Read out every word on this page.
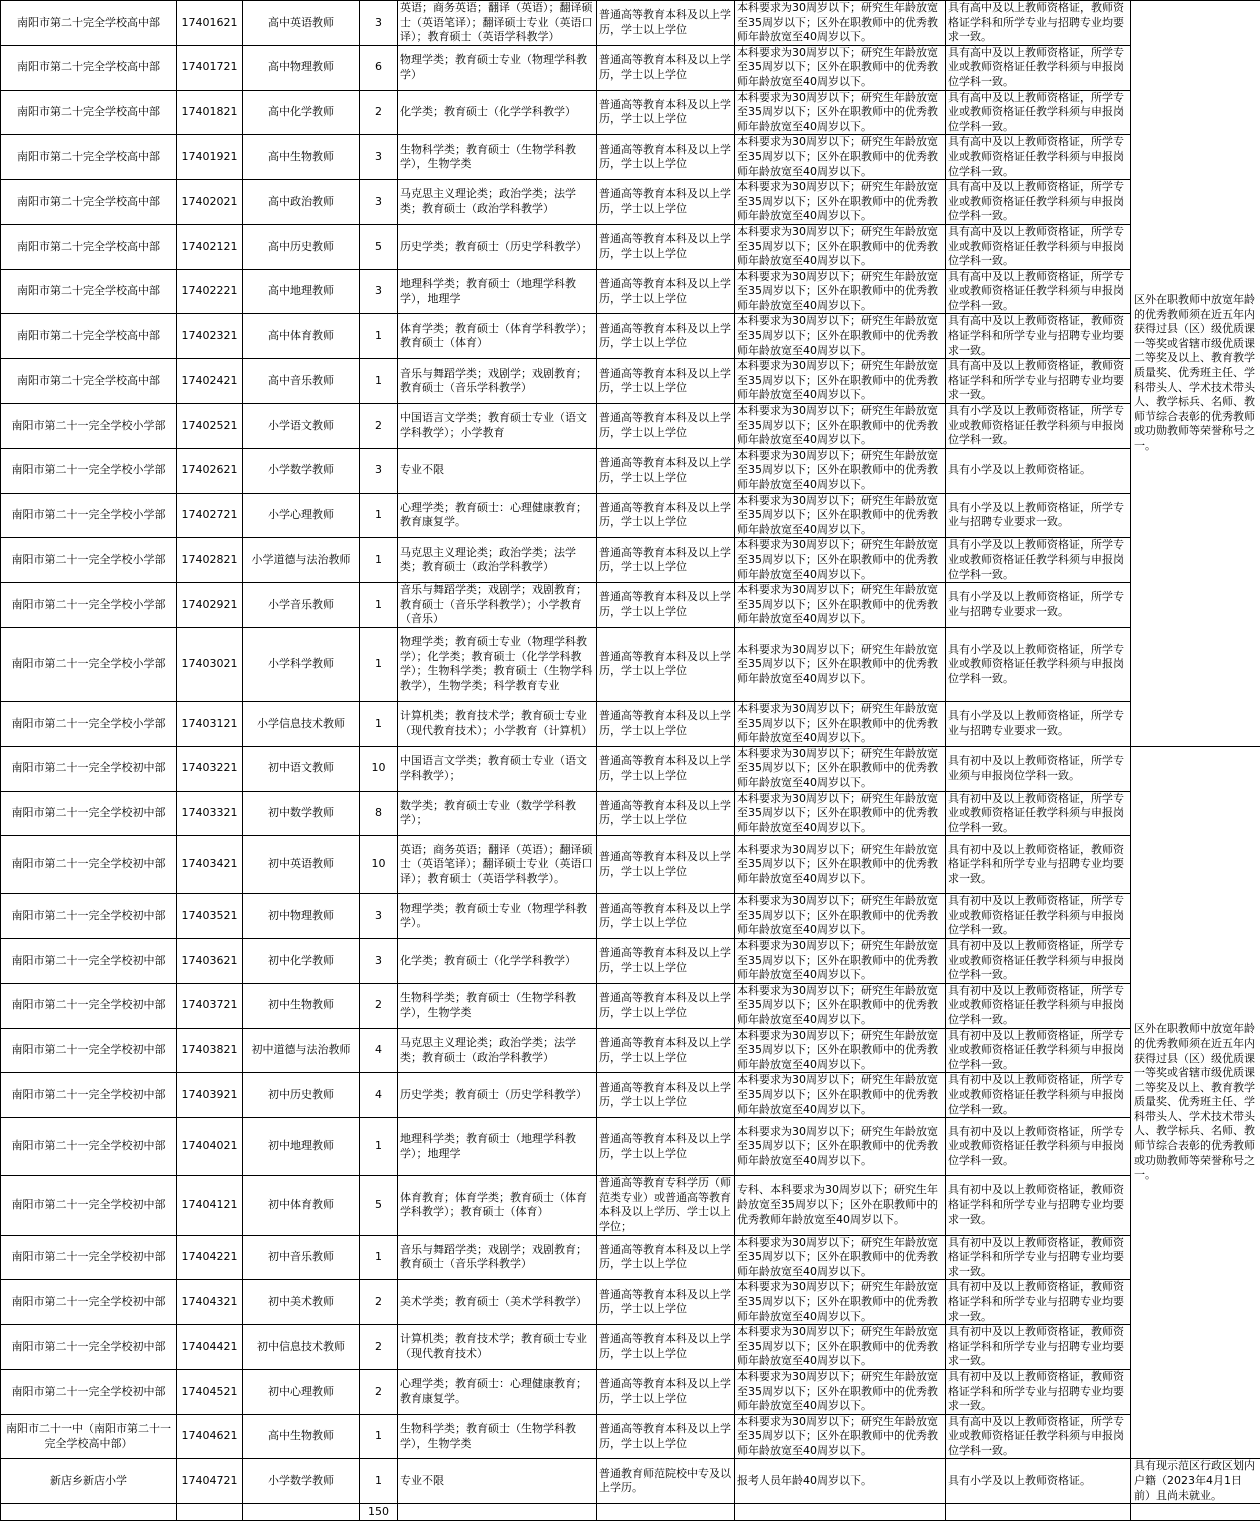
南阳市第二十完全学校高中部	17401621	高中英语教师	3	英语；商务英语；翻译（英语）；翻译硕士（英语笔译）；翻译硕士专业（英语口译）；教育硕士（英语学科教学）	普通高等教育本科及以上学历，学士以上学位	本科要求为30周岁以下；研究生年龄放宽至35周岁以下；区外在职教师中的优秀教师年龄放宽至40周岁以下。	具有高中及以上教师资格证，教师资格证学科和所学专业与招聘专业均要求一致。	区外在职教师中放宽年龄的优秀教师须在近五年内获得过县（区）级优质课一等奖或省辖市级优质课二等奖及以上、教育教学质量奖、优秀班主任、学科带头人、学术技术带头人、教学标兵、名师、教师节综合表彰的优秀教师或功勋教师等荣誉称号之一。
南阳市第二十完全学校高中部	17401721	高中物理教师	6	物理学类；教育硕士专业（物理学科教学）	普通高等教育本科及以上学历，学士以上学位	本科要求为30周岁以下；研究生年龄放宽至35周岁以下；区外在职教师中的优秀教师年龄放宽至40周岁以下。	具有高中及以上教师资格证，所学专业或教师资格证任教学科须与申报岗位学科一致。	
南阳市第二十完全学校高中部	17401821	高中化学教师	2	化学类；教育硕士（化学学科教学）	普通高等教育本科及以上学历，学士以上学位	本科要求为30周岁以下；研究生年龄放宽至35周岁以下；区外在职教师中的优秀教师年龄放宽至40周岁以下。	具有高中及以上教师资格证，所学专业或教师资格证任教学科须与申报岗位学科一致。	
南阳市第二十完全学校高中部	17401921	高中生物教师	3	生物科学类；教育硕士（生物学科教学），生物学类	普通高等教育本科及以上学历，学士以上学位	本科要求为30周岁以下；研究生年龄放宽至35周岁以下；区外在职教师中的优秀教师年龄放宽至40周岁以下。	具有高中及以上教师资格证，所学专业或教师资格证任教学科须与申报岗位学科一致。	
南阳市第二十完全学校高中部	17402021	高中政治教师	3	马克思主义理论类；政治学类；法学类；教育硕士（政治学科教学）	普通高等教育本科及以上学历，学士以上学位	本科要求为30周岁以下；研究生年龄放宽至35周岁以下；区外在职教师中的优秀教师年龄放宽至40周岁以下。	具有高中及以上教师资格证，所学专业或教师资格证任教学科须与申报岗位学科一致。	
南阳市第二十完全学校高中部	17402121	高中历史教师	5	历史学类；教育硕士（历史学科教学）	普通高等教育本科及以上学历，学士以上学位	本科要求为30周岁以下；研究生年龄放宽至35周岁以下；区外在职教师中的优秀教师年龄放宽至40周岁以下。	具有高中及以上教师资格证，所学专业或教师资格证任教学科须与申报岗位学科一致。	
南阳市第二十完全学校高中部	17402221	高中地理教师	3	地理科学类；教育硕士（地理学科教学），地理学	普通高等教育本科及以上学历，学士以上学位	本科要求为30周岁以下；研究生年龄放宽至35周岁以下；区外在职教师中的优秀教师年龄放宽至40周岁以下。	具有高中及以上教师资格证，所学专业或教师资格证任教学科须与申报岗位学科一致。	
南阳市第二十完全学校高中部	17402321	高中体育教师	1	体育学类；教育硕士（体育学科教学）；教育硕士（体育）	普通高等教育本科及以上学历，学士以上学位	本科要求为30周岁以下；研究生年龄放宽至35周岁以下；区外在职教师中的优秀教师年龄放宽至40周岁以下。	具有高中及以上教师资格证，教师资格证学科和所学专业与招聘专业均要求一致。	
南阳市第二十完全学校高中部	17402421	高中音乐教师	1	音乐与舞蹈学类；戏剧学；戏剧教育；教育硕士（音乐学科教学）	普通高等教育本科及以上学历，学士以上学位	本科要求为30周岁以下；研究生年龄放宽至35周岁以下；区外在职教师中的优秀教师年龄放宽至40周岁以下。	具有高中及以上教师资格证，教师资格证学科和所学专业与招聘专业均要求一致。	
南阳市第二十一完全学校小学部	17402521	小学语文教师	2	中国语言文学类；教育硕士专业（语文学科教学）；小学教育	普通高等教育本科及以上学历，学士以上学位	本科要求为30周岁以下；研究生年龄放宽至35周岁以下；区外在职教师中的优秀教师年龄放宽至40周岁以下。	具有小学及以上教师资格证，所学专业或教师资格证任教学科须与申报岗位学科一致。	
南阳市第二十一完全学校小学部	17402621	小学数学教师	3	专业不限	普通高等教育本科及以上学历，学士以上学位	本科要求为30周岁以下；研究生年龄放宽至35周岁以下；区外在职教师中的优秀教师年龄放宽至40周岁以下。	具有小学及以上教师资格证。	
南阳市第二十一完全学校小学部	17402721	小学心理教师	1	心理学类；教育硕士：心理健康教育；教育康复学。	普通高等教育本科及以上学历，学士以上学位	本科要求为30周岁以下；研究生年龄放宽至35周岁以下；区外在职教师中的优秀教师年龄放宽至40周岁以下。	具有小学及以上教师资格证，所学专业与招聘专业要求一致。	
南阳市第二十一完全学校小学部	17402821	小学道德与法治教师	1	马克思主义理论类；政治学类；法学类；教育硕士（政治学科教学）	普通高等教育本科及以上学历，学士以上学位	本科要求为30周岁以下；研究生年龄放宽至35周岁以下；区外在职教师中的优秀教师年龄放宽至40周岁以下。	具有小学及以上教师资格证，所学专业或教师资格证任教学科须与申报岗位学科一致。	
南阳市第二十一完全学校小学部	17402921	小学音乐教师	1	音乐与舞蹈学类；戏剧学；戏剧教育；教育硕士（音乐学科教学）；小学教育（音乐）	普通高等教育本科及以上学历，学士以上学位	本科要求为30周岁以下；研究生年龄放宽至35周岁以下；区外在职教师中的优秀教师年龄放宽至40周岁以下。	具有小学及以上教师资格证，所学专业与招聘专业要求一致。	
南阳市第二十一完全学校小学部	17403021	小学科学教师	1	物理学类；教育硕士专业（物理学科教学）；化学类；教育硕士（化学学科教学）；生物科学类；教育硕士（生物学科教学），生物学类；科学教育专业	普通高等教育本科及以上学历，学士以上学位	本科要求为30周岁以下；研究生年龄放宽至35周岁以下；区外在职教师中的优秀教师年龄放宽至40周岁以下。	具有小学及以上教师资格证，所学专业或教师资格证任教学科须与申报岗位学科一致。	
南阳市第二十一完全学校小学部	17403121	小学信息技术教师	1	计算机类；教育技术学；教育硕士专业（现代教育技术）；小学教育（计算机）	普通高等教育本科及以上学历，学士以上学位	本科要求为30周岁以下；研究生年龄放宽至35周岁以下；区外在职教师中的优秀教师年龄放宽至40周岁以下。	具有小学及以上教师资格证，所学专业与招聘专业要求一致。	
南阳市第二十一完全学校初中部	17403221	初中语文教师	10	中国语言文学类；教育硕士专业（语文学科教学）；	普通高等教育本科及以上学历，学士以上学位	本科要求为30周岁以下；研究生年龄放宽至35周岁以下；区外在职教师中的优秀教师年龄放宽至40周岁以下。	具有初中及以上教师资格证，所学专业须与申报岗位学科一致。	区外在职教师中放宽年龄的优秀教师须在近五年内获得过县（区）级优质课一等奖或省辖市级优质课二等奖及以上、教育教学质量奖、优秀班主任、学科带头人、学术技术带头人、教学标兵、名师、教师节综合表彰的优秀教师或功勋教师等荣誉称号之一。
南阳市第二十一完全学校初中部	17403321	初中数学教师	8	数学类；教育硕士专业（数学学科教学）；	普通高等教育本科及以上学历，学士以上学位	本科要求为30周岁以下；研究生年龄放宽至35周岁以下；区外在职教师中的优秀教师年龄放宽至40周岁以下。	具有初中及以上教师资格证，所学专业或教师资格证任教学科须与申报岗位学科一致。	
南阳市第二十一完全学校初中部	17403421	初中英语教师	10	英语；商务英语；翻译（英语）；翻译硕士（英语笔译）；翻译硕士专业（英语口译）；教育硕士（英语学科教学）。	普通高等教育本科及以上学历，学士以上学位	本科要求为30周岁以下；研究生年龄放宽至35周岁以下；区外在职教师中的优秀教师年龄放宽至40周岁以下。	具有初中及以上教师资格证，教师资格证学科和所学专业与招聘专业均要求一致。	
南阳市第二十一完全学校初中部	17403521	初中物理教师	3	物理学类；教育硕士专业（物理学科教学）。	普通高等教育本科及以上学历，学士以上学位	本科要求为30周岁以下；研究生年龄放宽至35周岁以下；区外在职教师中的优秀教师年龄放宽至40周岁以下。	具有初中及以上教师资格证，所学专业或教师资格证任教学科须与申报岗位学科一致。	
南阳市第二十一完全学校初中部	17403621	初中化学教师	3	化学类；教育硕士（化学学科教学）	普通高等教育本科及以上学历，学士以上学位	本科要求为30周岁以下；研究生年龄放宽至35周岁以下；区外在职教师中的优秀教师年龄放宽至40周岁以下。	具有初中及以上教师资格证，所学专业或教师资格证任教学科须与申报岗位学科一致。	
南阳市第二十一完全学校初中部	17403721	初中生物教师	2	生物科学类；教育硕士（生物学科教学），生物学类	普通高等教育本科及以上学历，学士以上学位	本科要求为30周岁以下；研究生年龄放宽至35周岁以下；区外在职教师中的优秀教师年龄放宽至40周岁以下。	具有初中及以上教师资格证，所学专业或教师资格证任教学科须与申报岗位学科一致。	
南阳市第二十一完全学校初中部	17403821	初中道德与法治教师	4	马克思主义理论类；政治学类；法学类；教育硕士（政治学科教学）	普通高等教育本科及以上学历，学士以上学位	本科要求为30周岁以下；研究生年龄放宽至35周岁以下；区外在职教师中的优秀教师年龄放宽至40周岁以下。	具有初中及以上教师资格证，所学专业或教师资格证任教学科须与申报岗位学科一致。	
南阳市第二十一完全学校初中部	17403921	初中历史教师	4	历史学类；教育硕士（历史学科教学）	普通高等教育本科及以上学历，学士以上学位	本科要求为30周岁以下；研究生年龄放宽至35周岁以下；区外在职教师中的优秀教师年龄放宽至40周岁以下。	具有初中及以上教师资格证，所学专业或教师资格证任教学科须与申报岗位学科一致。	
南阳市第二十一完全学校初中部	17404021	初中地理教师	1	地理科学类；教育硕士（地理学科教学）；地理学	普通高等教育本科及以上学历，学士以上学位	本科要求为30周岁以下；研究生年龄放宽至35周岁以下；区外在职教师中的优秀教师年龄放宽至40周岁以下。	具有初中及以上教师资格证，所学专业或教师资格证任教学科须与申报岗位学科一致。	
南阳市第二十一完全学校初中部	17404121	初中体育教师	5	体育教育；体育学类；教育硕士（体育学科教学）；教育硕士（体育）	普通高等教育专科学历（师范类专业）或普通高等教育本科及以上学历、学士以上学位；	专科、本科要求为30周岁以下；研究生年龄放宽至35周岁以下；区外在职教师中的优秀教师年龄放宽至40周岁以下。	具有初中及以上教师资格证，教师资格证学科和所学专业与招聘专业均要求一致。	
南阳市第二十一完全学校初中部	17404221	初中音乐教师	1	音乐与舞蹈学类；戏剧学；戏剧教育；教育硕士（音乐学科教学）	普通高等教育本科及以上学历，学士以上学位	本科要求为30周岁以下；研究生年龄放宽至35周岁以下；区外在职教师中的优秀教师年龄放宽至40周岁以下。	具有初中及以上教师资格证，教师资格证学科和所学专业与招聘专业均要求一致。	
南阳市第二十一完全学校初中部	17404321	初中美术教师	2	美术学类；教育硕士（美术学科教学）	普通高等教育本科及以上学历，学士以上学位	本科要求为30周岁以下；研究生年龄放宽至35周岁以下；区外在职教师中的优秀教师年龄放宽至40周岁以下。	具有初中及以上教师资格证，教师资格证学科和所学专业与招聘专业均要求一致。	
南阳市第二十一完全学校初中部	17404421	初中信息技术教师	2	计算机类；教育技术学；教育硕士专业（现代教育技术）	普通高等教育本科及以上学历，学士以上学位	本科要求为30周岁以下；研究生年龄放宽至35周岁以下；区外在职教师中的优秀教师年龄放宽至40周岁以下。	具有初中及以上教师资格证，教师资格证学科和所学专业与招聘专业均要求一致。	
南阳市第二十一完全学校初中部	17404521	初中心理教师	2	心理学类；教育硕士：心理健康教育；教育康复学。	普通高等教育本科及以上学历，学士以上学位	本科要求为30周岁以下；研究生年龄放宽至35周岁以下；区外在职教师中的优秀教师年龄放宽至40周岁以下。	具有初中及以上教师资格证，教师资格证学科和所学专业与招聘专业均要求一致。	
南阳市二十一中（南阳市第二十一完全学校高中部）	17404621	高中生物教师	1	生物科学类；教育硕士（生物学科教学），生物学类	普通高等教育本科及以上学历，学士以上学位	本科要求为30周岁以下；研究生年龄放宽至35周岁以下；区外在职教师中的优秀教师年龄放宽至40周岁以下。	具有高中及以上教师资格证，所学专业或教师资格证任教学科须与申报岗位学科一致。	
新店乡新店小学	17404721	小学数学教师	1	专业不限	普通教育师范院校中专及以上学历。	报考人员年龄40周岁以下。	具有小学及以上教师资格证。	具有现示范区行政区划内户籍（2023年4月1日前）且尚未就业。
			150					
